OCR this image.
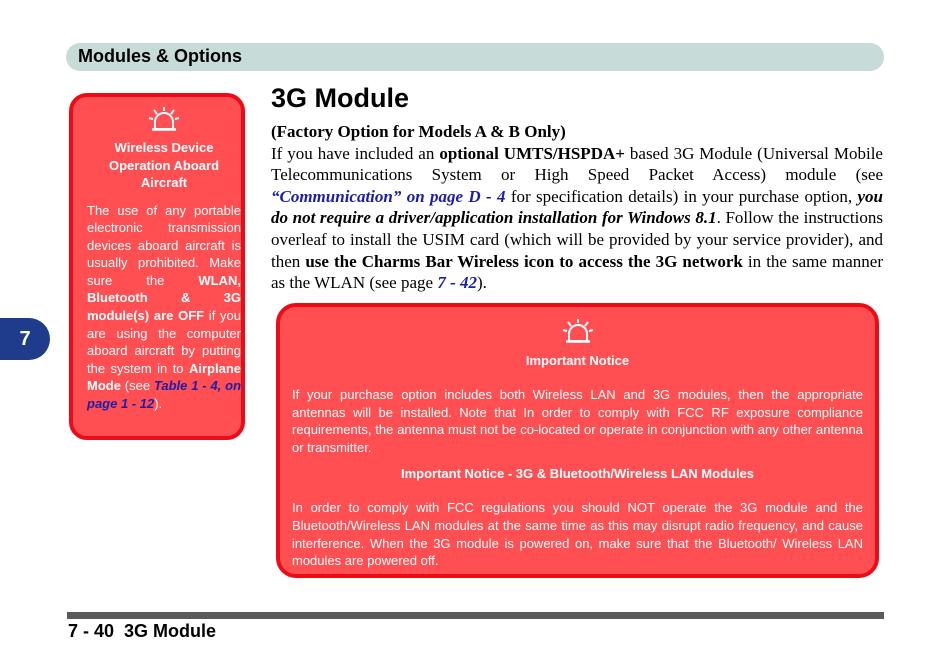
Modules & Options
7
Wireless Device Operation Aboard Aircraft
The use of any portable electronic transmission devices aboard aircraft is usually prohibited. Make sure the WLAN, Bluetooth & 3G module(s) are OFF if you are using the computer aboard aircraft by putting the system in to Airplane Mode (see Table 1 - 4, on page 1 - 12).
3G Module
(Factory Option for Models A & B Only)
If you have included an optional UMTS/HSPDA+ based 3G Module (Universal Mobile Telecommunications System or High Speed Packet Access) module (see “Communication” on page D - 4 for specification details) in your purchase option, you do not require a driver/application installation for Windows 8.1. Follow the instructions overleaf to install the USIM card (which will be provided by your service provider), and then use the Charms Bar Wireless icon to access the 3G network in the same manner as the WLAN (see page 7 - 42).
Important Notice
If your purchase option includes both Wireless LAN and 3G modules, then the appropriate antennas will be installed. Note that In order to comply with FCC RF exposure compliance requirements, the antenna must not be co-located or operate in conjunction with any other antenna or transmitter.
Important Notice - 3G & Bluetooth/Wireless LAN Modules
In order to comply with FCC regulations you should NOT operate the 3G module and the Bluetooth/Wireless LAN modules at the same time as this may disrupt radio frequency, and cause interference. When the 3G module is powered on, make sure that the Bluetooth/ Wireless LAN modules are powered off.
7 - 40  3G Module
